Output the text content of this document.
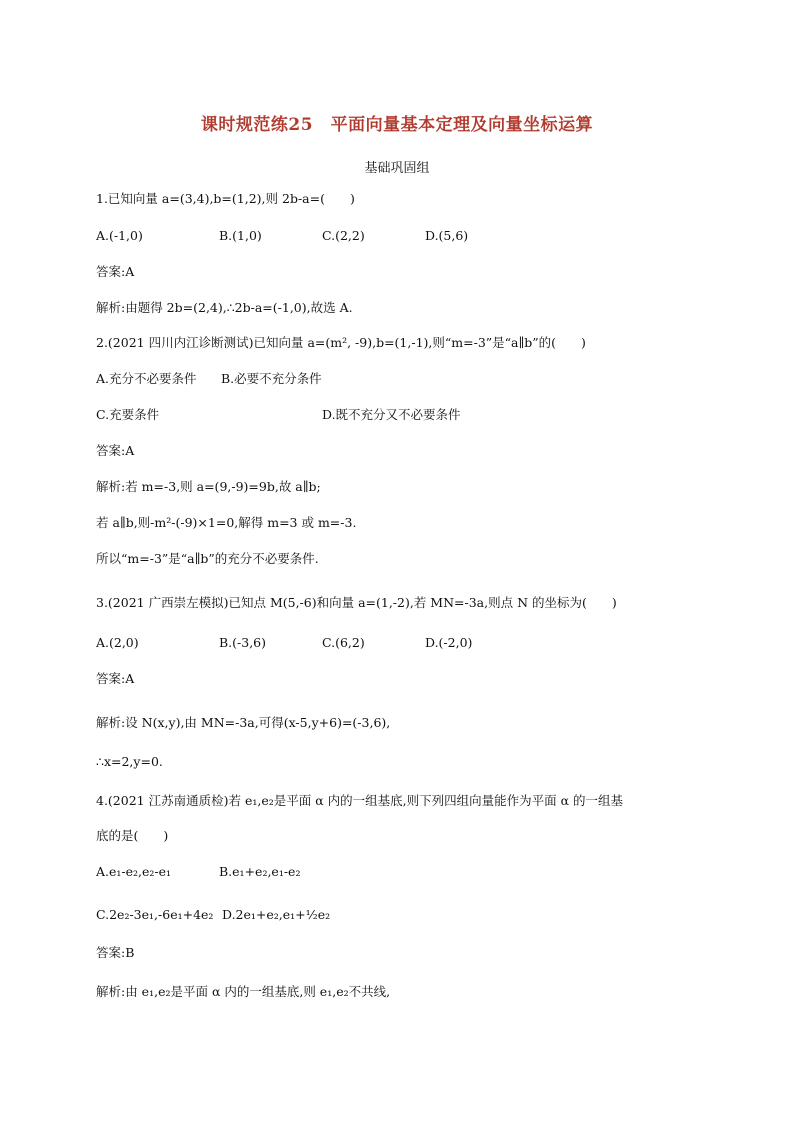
课时规范练25　平面向量基本定理及向量坐标运算
基础巩固组
1.已知向量 a=(3,4),b=(1,2),则 2b-a=(　　)
A.(-1,0)	B.(1,0)	C.(2,2)	D.(5,6)
答案:A
解析:由题得 2b=(2,4),∴2b-a=(-1,0),故选 A.
2.(2021 四川内江诊断测试)已知向量 a=(m², -9),b=(1,-1),则“m=-3”是“a∥b”的(　　)
A.充分不必要条件 B.必要不充分条件
C.充要条件	D.既不充分又不必要条件
答案:A
解析:若 m=-3,则 a=(9,-9)=9b,故 a∥b;
若 a∥b,则-m²-(-9)×1=0,解得 m=3 或 m=-3.
所以“m=-3”是“a∥b”的充分不必要条件.
3.(2021 广西崇左模拟)已知点 M(5,-6)和向量 a=(1,-2),若 MN=-3a,则点 N 的坐标为(　　)
A.(2,0)	B.(-3,6)	C.(6,2)	D.(-2,0)
答案:A
解析:设 N(x,y),由 MN=-3a,可得(x-5,y+6)=(-3,6),
∴x=2,y=0.
4.(2021 江苏南通质检)若 e₁,e₂是平面 α 内的一组基底,则下列四组向量能作为平面 α 的一组基
底的是(　　)
A.e₁-e₂,e₂-e₁	B.e₁+e₂,e₁-e₂
C.2e₂-3e₁,-6e₁+4e₂ D.2e₁+e₂,e₁+½e₂
答案:B
解析:由 e₁,e₂是平面 α 内的一组基底,则 e₁,e₂不共线,
